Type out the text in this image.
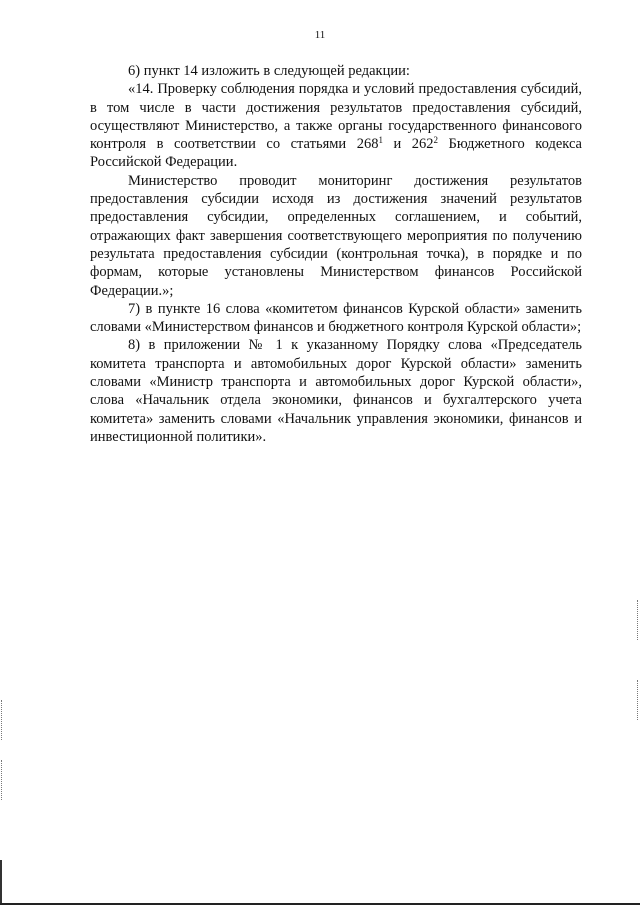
11

6) пункт 14 изложить в следующей редакции:

«14. Проверку соблюдения порядка и условий предоставления субсидий, в том числе в части достижения результатов предоставления субсидий, осуществляют Министерство, а также органы государственного финансового контроля в соответствии со статьями $268^1$ и $262^2$ Бюджетного кодекса Российской Федерации.

Министерство проводит мониторинг достижения результатов предоставления субсидии исходя из достижения значений результатов предоставления субсидии, определенных соглашением, и событий, отражающих факт завершения соответствующего мероприятия по получению результата предоставления субсидии (контрольная точка), в порядке и по формам, которые установлены Министерством финансов Российской Федерации.»;

7) в пункте 16 слова «комитетом финансов Курской области» заменить словами «Министерством финансов и бюджетного контроля Курской области»;

8) в приложении № 1 к указанному Порядку слова «Председатель комитета транспорта и автомобильных дорог Курской области» заменить словами «Министр транспорта и автомобильных дорог Курской области», слова «Начальник отдела экономики, финансов и бухгалтерского учета комитета» заменить словами «Начальник управления экономики, финансов и инвестиционной политики».
